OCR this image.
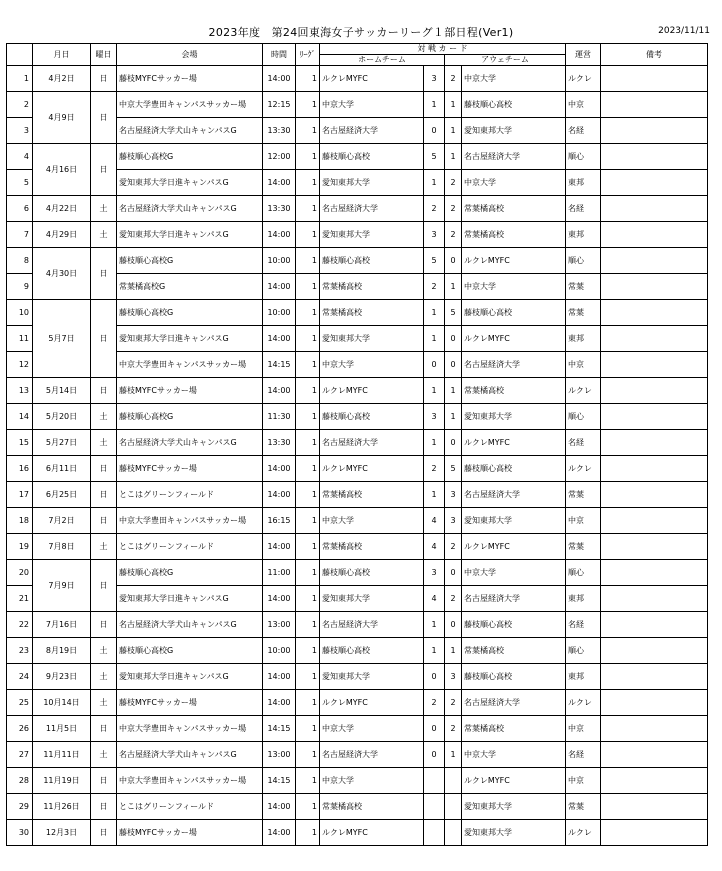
2023年度　第24回東海女子サッカーリーグ１部日程(Ver1)	2023/11/11
	月日	曜日	会場	時間	ﾘｰｸﾞ	対 戦 カ ー ド				運営	備考
						ホームチーム		アウェチーム			
1	4月2日	日	藤枝MYFCサッカー場	14:00	1	ルクレMYFC	3	2	中京大学	ルクレ	
2	4月9日	日	中京大学豊田キャンパスサッカー場	12:15	1	中京大学	1	1	藤枝順心高校	中京	
3			名古屋経済大学犬山キャンパスG	13:30	1	名古屋経済大学	0	1	愛知東邦大学	名経	
4	4月16日	日	藤枝順心高校G	12:00	1	藤枝順心高校	5	1	名古屋経済大学	順心	
5			愛知東邦大学日進キャンパスG	14:00	1	愛知東邦大学	1	2	中京大学	東邦	
6	4月22日	土	名古屋経済大学犬山キャンパスG	13:30	1	名古屋経済大学	2	2	常葉橘高校	名経	
7	4月29日	土	愛知東邦大学日進キャンパスG	14:00	1	愛知東邦大学	3	2	常葉橘高校	東邦	
8	4月30日	日	藤枝順心高校G	10:00	1	藤枝順心高校	5	0	ルクレMYFC	順心	
9			常葉橘高校G	14:00	1	常葉橘高校	2	1	中京大学	常葉	
10	5月7日	日	藤枝順心高校G	10:00	1	常葉橘高校	1	5	藤枝順心高校	常葉	
11			愛知東邦大学日進キャンパスG	14:00	1	愛知東邦大学	1	0	ルクレMYFC	東邦	
12			中京大学豊田キャンパスサッカー場	14:15	1	中京大学	0	0	名古屋経済大学	中京	
13	5月14日	日	藤枝MYFCサッカー場	14:00	1	ルクレMYFC	1	1	常葉橘高校	ルクレ	
14	5月20日	土	藤枝順心高校G	11:30	1	藤枝順心高校	3	1	愛知東邦大学	順心	
15	5月27日	土	名古屋経済大学犬山キャンパスG	13:30	1	名古屋経済大学	1	0	ルクレMYFC	名経	
16	6月11日	日	藤枝MYFCサッカー場	14:00	1	ルクレMYFC	2	5	藤枝順心高校	ルクレ	
17	6月25日	日	とこはグリーンフィールド	14:00	1	常葉橘高校	1	3	名古屋経済大学	常葉	
18	7月2日	日	中京大学豊田キャンパスサッカー場	16:15	1	中京大学	4	3	愛知東邦大学	中京	
19	7月8日	土	とこはグリーンフィールド	14:00	1	常葉橘高校	4	2	ルクレMYFC	常葉	
20	7月9日	日	藤枝順心高校G	11:00	1	藤枝順心高校	3	0	中京大学	順心	
21			愛知東邦大学日進キャンパスG	14:00	1	愛知東邦大学	4	2	名古屋経済大学	東邦	
22	7月16日	日	名古屋経済大学犬山キャンパスG	13:00	1	名古屋経済大学	1	0	藤枝順心高校	名経	
23	8月19日	土	藤枝順心高校G	10:00	1	藤枝順心高校	1	1	常葉橘高校	順心	
24	9月23日	土	愛知東邦大学日進キャンパスG	14:00	1	愛知東邦大学	0	3	藤枝順心高校	東邦	
25	10月14日	土	藤枝MYFCサッカー場	14:00	1	ルクレMYFC	2	2	名古屋経済大学	ルクレ	
26	11月5日	日	中京大学豊田キャンパスサッカー場	14:15	1	中京大学	0	2	常葉橘高校	中京	
27	11月11日	土	名古屋経済大学犬山キャンパスG	13:00	1	名古屋経済大学	0	1	中京大学	名経	
28	11月19日	日	中京大学豊田キャンパスサッカー場	14:15	1	中京大学			ルクレMYFC	中京	
29	11月26日	日	とこはグリーンフィールド	14:00	1	常葉橘高校			愛知東邦大学	常葉	
30	12月3日	日	藤枝MYFCサッカー場	14:00	1	ルクレMYFC			愛知東邦大学	ルクレ	
